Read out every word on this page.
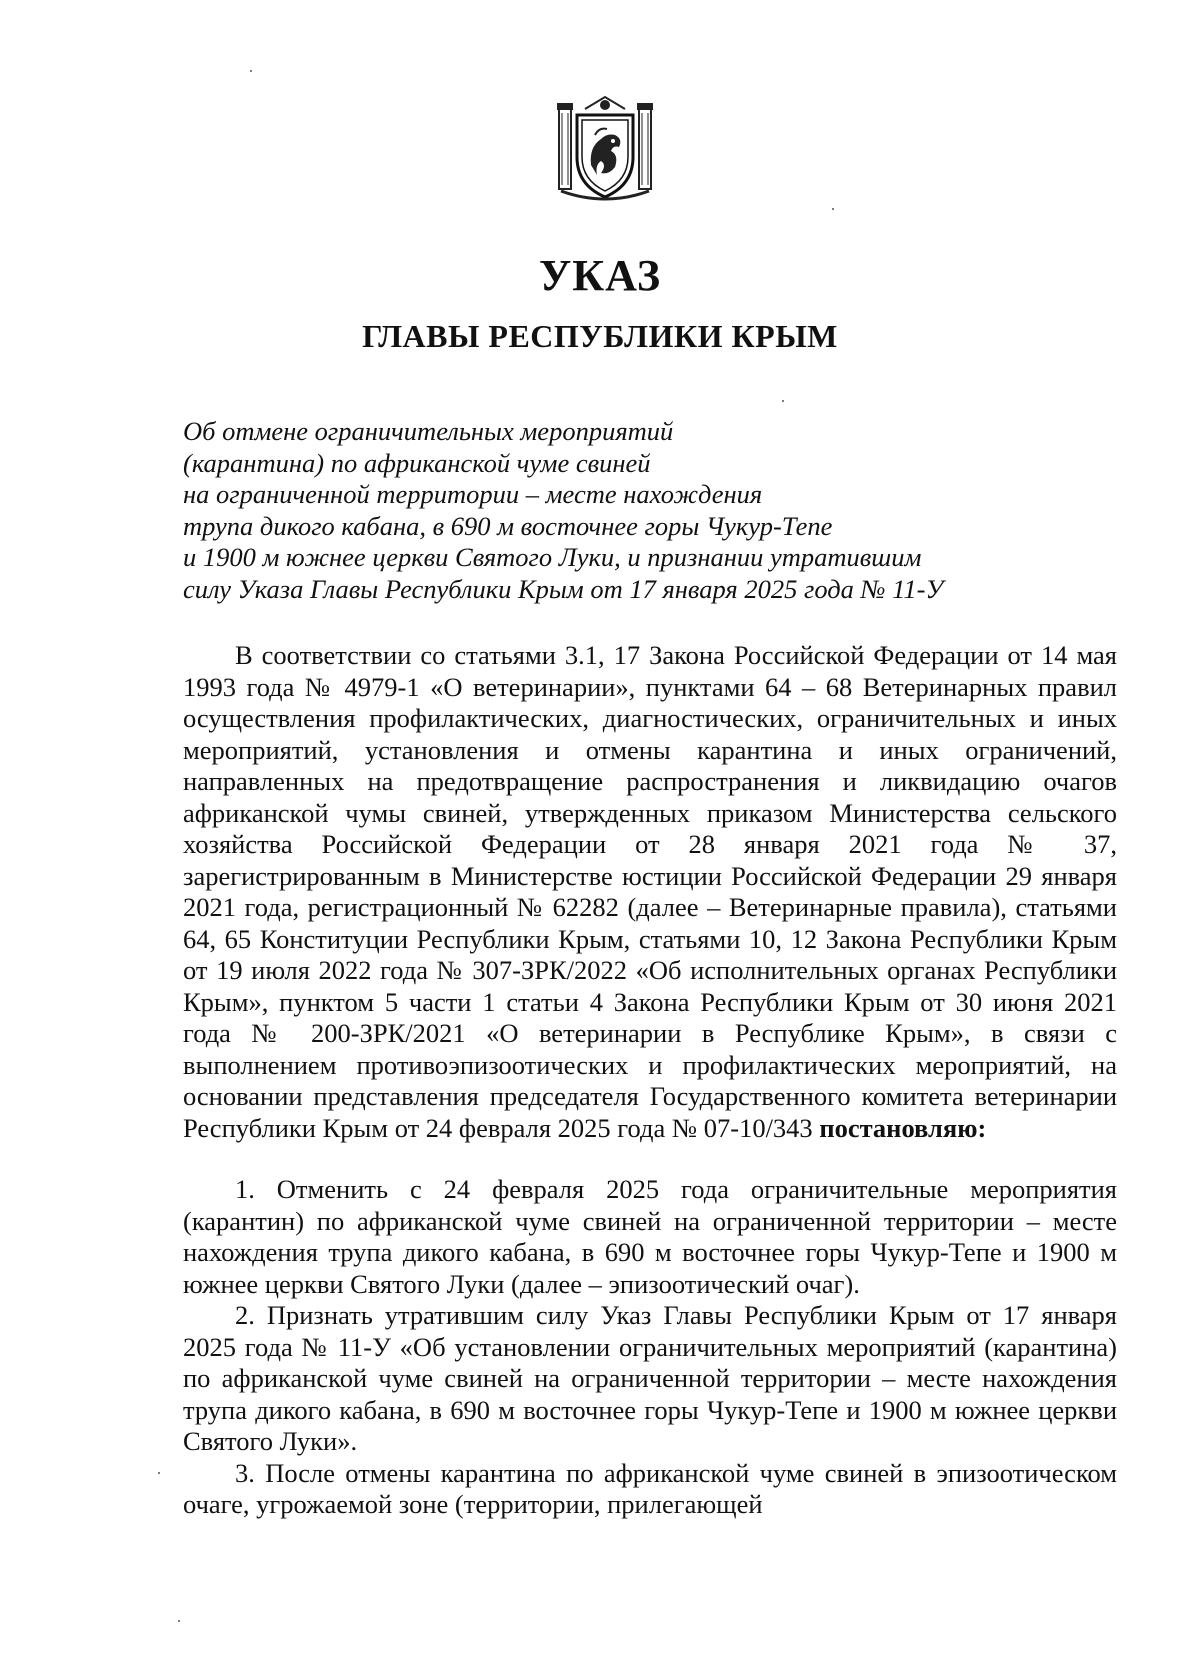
УКАЗ
ГЛАВЫ РЕСПУБЛИКИ КРЫМ
Об отмене ограничительных мероприятий
(карантина) по африканской чуме свиней
на ограниченной территории – месте нахождения
трупа дикого кабана, в 690 м восточнее горы Чукур-Тепе
и 1900 м южнее церкви Святого Луки, и признании утратившим
силу Указа Главы Республики Крым от 17 января 2025 года № 11-У

В соответствии со статьями 3.1, 17 Закона Российской Федерации от 14 мая 1993 года № 4979-1 «О ветеринарии», пунктами 64 – 68 Ветеринарных правил осуществления профилактических, диагностических, ограничительных и иных мероприятий, установления и отмены карантина и иных ограничений, направленных на предотвращение распространения и ликвидацию очагов африканской чумы свиней, утвержденных приказом Министерства сельского хозяйства Российской Федерации от 28 января 2021 года № 37, зарегистрированным в Министерстве юстиции Российской Федерации 29 января 2021 года, регистрационный № 62282 (далее – Ветеринарные правила), статьями 64, 65 Конституции Республики Крым, статьями 10, 12 Закона Республики Крым от 19 июля 2022 года № 307-ЗРК/2022 «Об исполнительных органах Республики Крым», пунктом 5 части 1 статьи 4 Закона Республики Крым от 30 июня 2021 года № 200-ЗРК/2021 «О ветеринарии в Республике Крым», в связи с выполнением противоэпизоотических и профилактических мероприятий, на основании представления председателя Государственного комитета ветеринарии Республики Крым от 24 февраля 2025 года № 07-10/343 постановляю:

1. Отменить с 24 февраля 2025 года ограничительные мероприятия (карантин) по африканской чуме свиней на ограниченной территории – месте нахождения трупа дикого кабана, в 690 м восточнее горы Чукур-Тепе и 1900 м южнее церкви Святого Луки (далее – эпизоотический очаг).

2. Признать утратившим силу Указ Главы Республики Крым от 17 января 2025 года № 11-У «Об установлении ограничительных мероприятий (карантина) по африканской чуме свиней на ограниченной территории – месте нахождения трупа дикого кабана, в 690 м восточнее горы Чукур-Тепе и 1900 м южнее церкви Святого Луки».

3. После отмены карантина по африканской чуме свиней в эпизоотическом очаге, угрожаемой зоне (территории, прилегающей
